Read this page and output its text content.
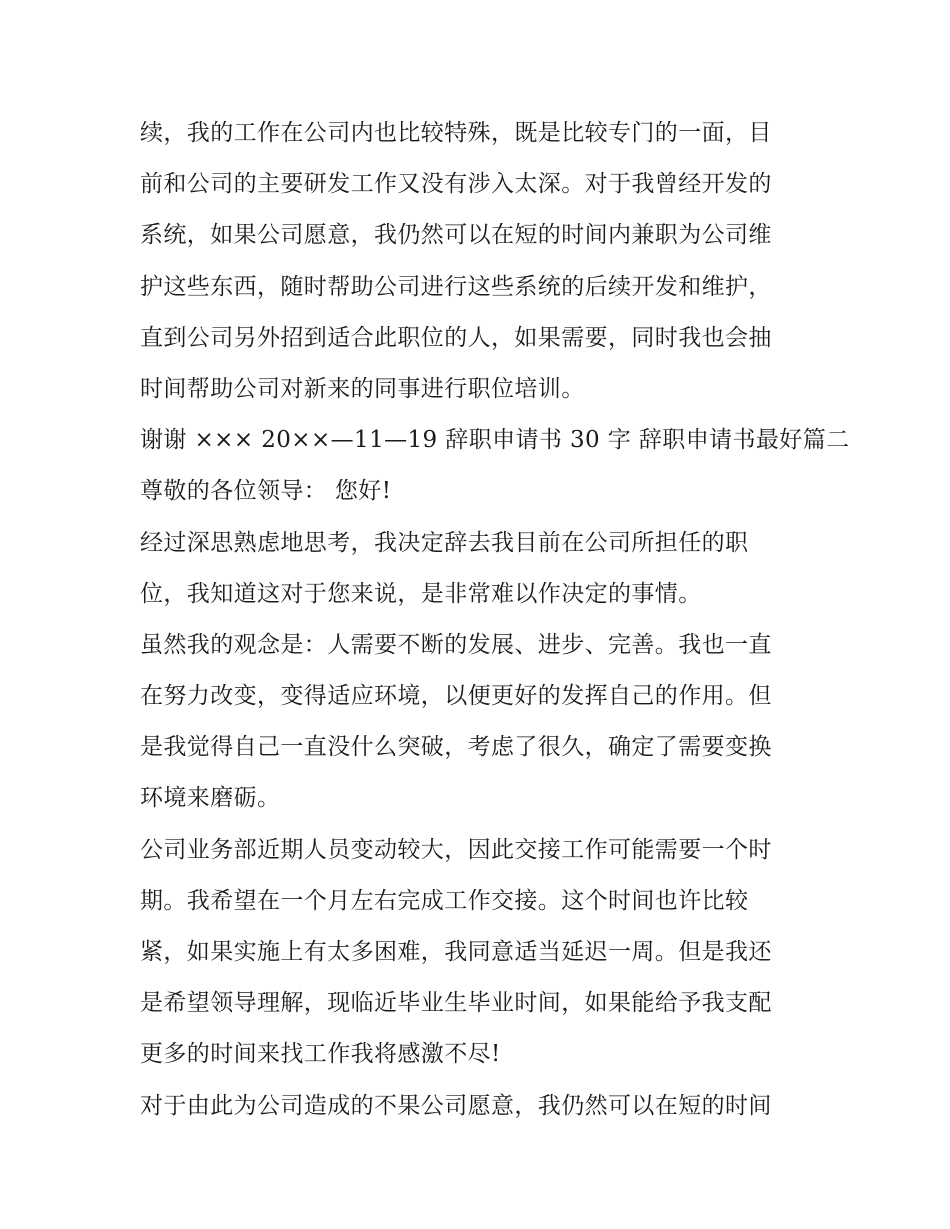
续，我的工作在公司内也比较特殊，既是比较专门的一面，目
前和公司的主要研发工作又没有涉入太深。对于我曾经开发的
系统，如果公司愿意，我仍然可以在短的时间内兼职为公司维
护这些东西，随时帮助公司进行这些系统的后续开发和维护，
直到公司另外招到适合此职位的人，如果需要，同时我也会抽
时间帮助公司对新来的同事进行职位培训。
谢谢 ××× 20××—11—19 辞职申请书 30 字 辞职申请书最好篇二
尊敬的各位领导： 您好!
经过深思熟虑地思考，我决定辞去我目前在公司所担任的职
位，我知道这对于您来说，是非常难以作决定的事情。
虽然我的观念是：人需要不断的发展、进步、完善。我也一直
在努力改变，变得适应环境，以便更好的发挥自己的作用。但
是我觉得自己一直没什么突破，考虑了很久，确定了需要变换
环境来磨砺。
公司业务部近期人员变动较大，因此交接工作可能需要一个时
期。我希望在一个月左右完成工作交接。这个时间也许比较
紧，如果实施上有太多困难，我同意适当延迟一周。但是我还
是希望领导理解，现临近毕业生毕业时间，如果能给予我支配
更多的时间来找工作我将感激不尽!
对于由此为公司造成的不果公司愿意，我仍然可以在短的时间
